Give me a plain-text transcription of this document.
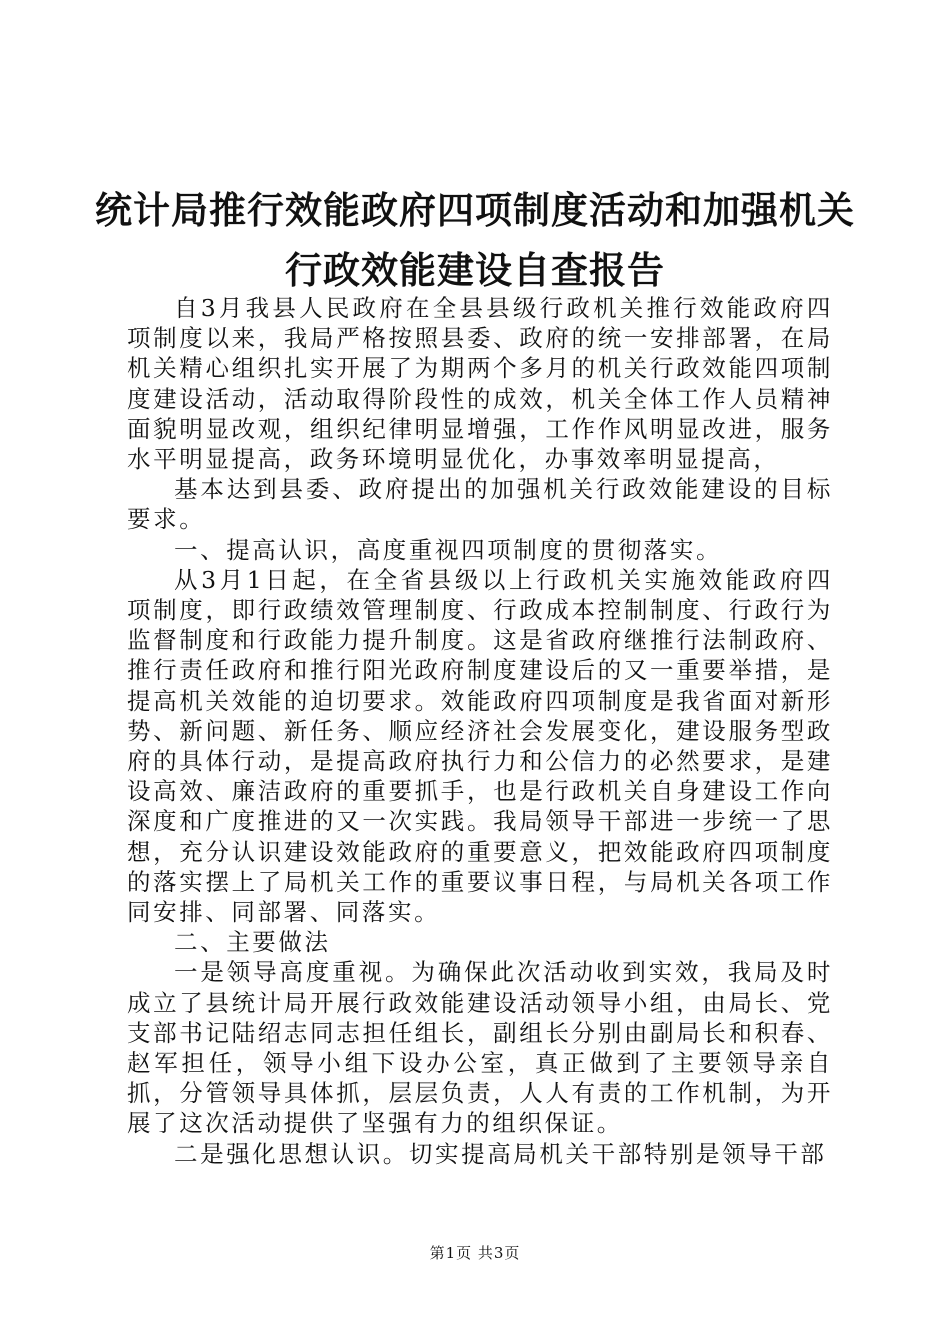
统计局推行效能政府四项制度活动和加强机关
行政效能建设自查报告

自3月我县人民政府在全县县级行政机关推行效能政府四项制度以来，我局严格按照县委、政府的统一安排部署，在局机关精心组织扎实开展了为期两个多月的机关行政效能四项制度建设活动，活动取得阶段性的成效，机关全体工作人员精神面貌明显改观，组织纪律明显增强，工作作风明显改进，服务水平明显提高，政务环境明显优化，办事效率明显提高，

基本达到县委、政府提出的加强机关行政效能建设的目标要求。

一、提高认识，高度重视四项制度的贯彻落实。

从3月1日起，在全省县级以上行政机关实施效能政府四项制度，即行政绩效管理制度、行政成本控制制度、行政行为监督制度和行政能力提升制度。这是省政府继推行法制政府、推行责任政府和推行阳光政府制度建设后的又一重要举措，是提高机关效能的迫切要求。效能政府四项制度是我省面对新形势、新问题、新任务、顺应经济社会发展变化，建设服务型政府的具体行动，是提高政府执行力和公信力的必然要求，是建设高效、廉洁政府的重要抓手，也是行政机关自身建设工作向深度和广度推进的又一次实践。我局领导干部进一步统一了思想，充分认识建设效能政府的重要意义，把效能政府四项制度的落实摆上了局机关工作的重要议事日程，与局机关各项工作同安排、同部署、同落实。

二、主要做法

一是领导高度重视。为确保此次活动收到实效，我局及时成立了县统计局开展行政效能建设活动领导小组，由局长、党支部书记陆绍志同志担任组长，副组长分别由副局长和积春、赵军担任，领导小组下设办公室，真正做到了主要领导亲自抓，分管领导具体抓，层层负责，人人有责的工作机制，为开展了这次活动提供了坚强有力的组织保证。

二是强化思想认识。切实提高局机关干部特别是领导干部

第1页 共3页
